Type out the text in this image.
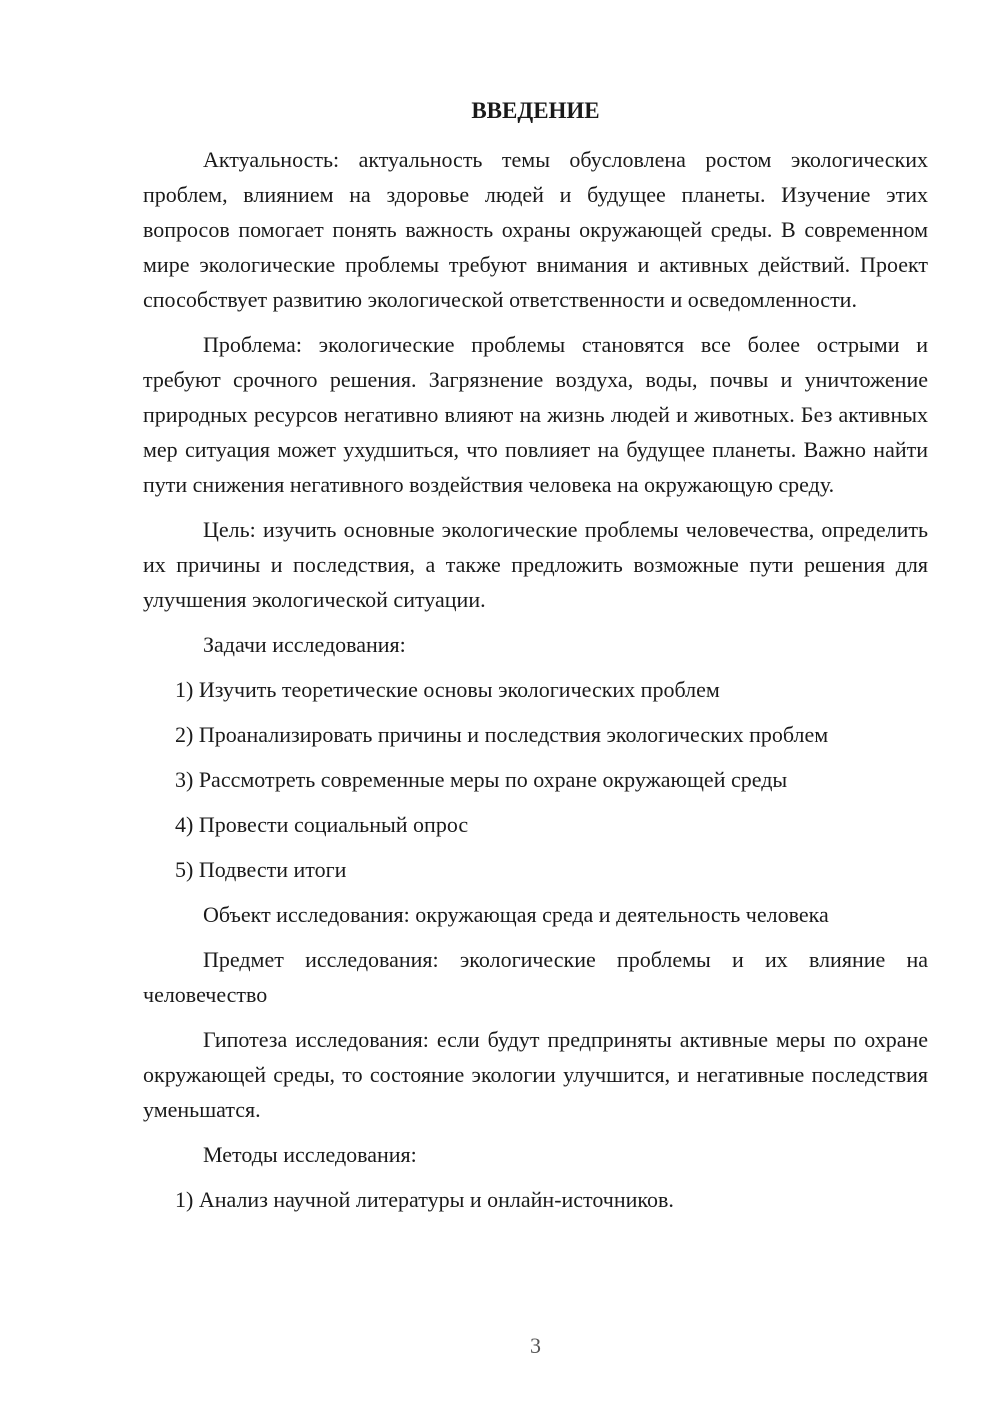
ВВЕДЕНИЕ

Актуальность: актуальность темы обусловлена ростом экологических проблем, влиянием на здоровье людей и будущее планеты. Изучение этих вопросов помогает понять важность охраны окружающей среды. В современном мире экологические проблемы требуют внимания и активных действий. Проект способствует развитию экологической ответственности и осведомленности.

Проблема: экологические проблемы становятся все более острыми и требуют срочного решения. Загрязнение воздуха, воды, почвы и уничтожение природных ресурсов негативно влияют на жизнь людей и животных. Без активных мер ситуация может ухудшиться, что повлияет на будущее планеты. Важно найти пути снижения негативного воздействия человека на окружающую среду.

Цель: изучить основные экологические проблемы человечества, определить их причины и последствия, а также предложить возможные пути решения для улучшения экологической ситуации.

Задачи исследования:

1) Изучить теоретические основы экологических проблем

2) Проанализировать причины и последствия экологических проблем

3) Рассмотреть современные меры по охране окружающей среды

4) Провести социальный опрос

5) Подвести итоги

Объект исследования: окружающая среда и деятельность человека

Предмет исследования: экологические проблемы и их влияние на человечество

Гипотеза исследования: если будут предприняты активные меры по охране окружающей среды, то состояние экологии улучшится, и негативные последствия уменьшатся.

Методы исследования:

1) Анализ научной литературы и онлайн-источников.

3
